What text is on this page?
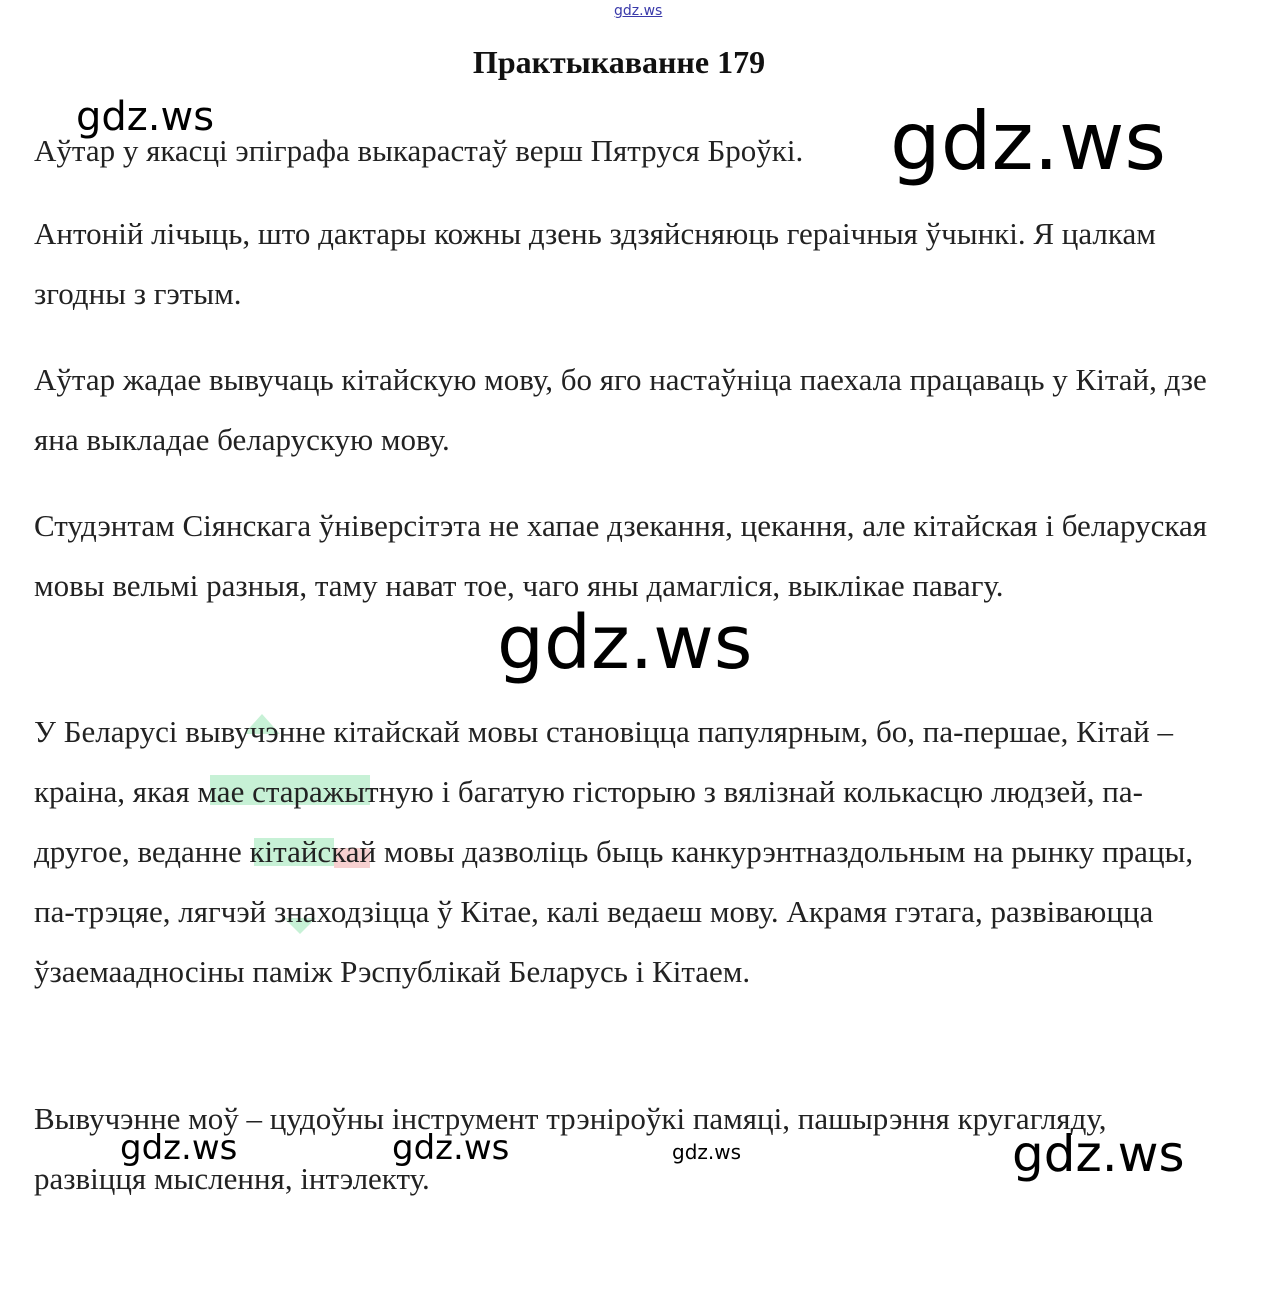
gdz.ws
Практыкаванне 179

Аўтар у якасці эпіграфа выкарастаў верш Пятруся Броўкі.

Антоній лічыць, што дактары кожны дзень здзяйсняюць гераічныя ўчынкі. Я цалкам згодны з гэтым.

Аўтар жадае вывучаць кітайскую мову, бо яго настаўніца паехала працаваць у Кітай, дзе яна выкладае беларускую мову.

Студэнтам Сіянскага ўніверсітэта не хапае дзекання, цекання, але кітайская і беларуская мовы вельмі разныя, таму нават тое, чаго яны дамагліся, выклікае павагу.

У Беларусі вывучэнне кітайскай мовы становіцца папулярным, бо, па-першае, Кітай – краіна, якая мае старажытную і багатую гісторыю з вялізнай колькасцю людзей, па-другое, веданне кітайскай мовы дазволіць быць канкурэнтназдольным на рынку працы, па-трэцяе, лягчэй знаходзіцца ў Кітае, калі ведаеш мову. Акрамя гэтага, развіваюцца ўзаемаадносіны паміж Рэспублікай Беларусь і Кітаем.

Вывучэнне моў – цудоўны інструмент трэніроўкі памяці, пашырэння кругагляду, развіцця мыслення, інтэлекту.

gdz.ws	gdz.ws
gdz.ws
gdz.ws	gdz.ws	gdz.ws	gdz.ws
